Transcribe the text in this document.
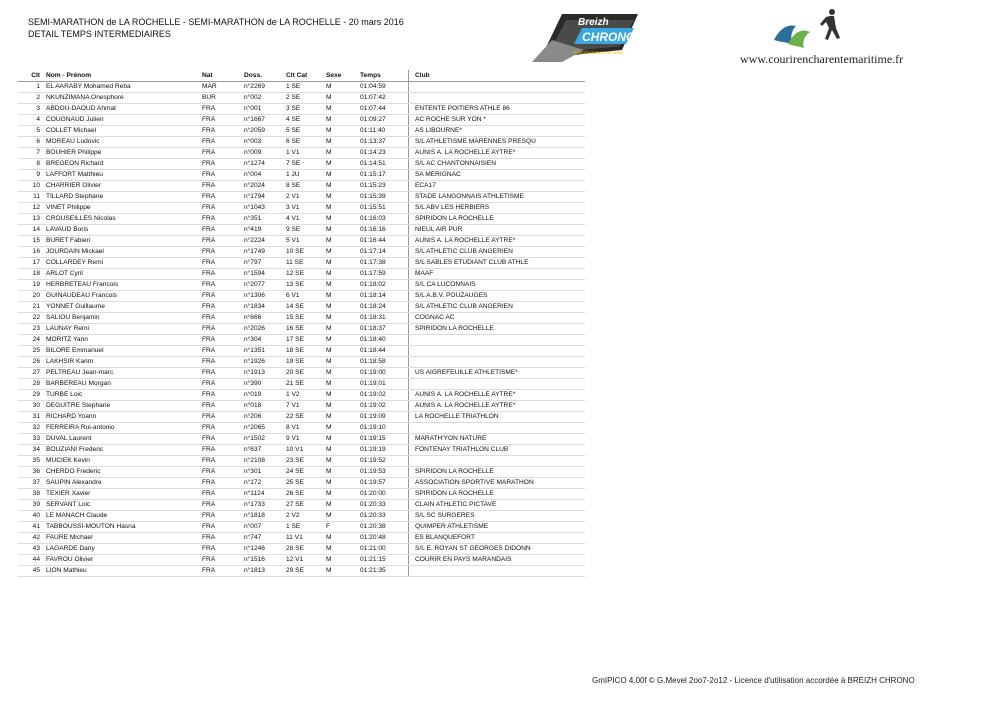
SEMI-MARATHON de LA ROCHELLE - SEMI-MARATHON de LA ROCHELLE - 20 mars 2016
DETAIL TEMPS INTERMEDIAIRES
Breizh
CHRONO
la performance mesurée	www.courirencharentemaritime.fr
Clt	Nom - Prénom	Nat	Doss.	Clt Cat	Sexe	Temps	Club
1	EL AARABY Mohamed Reba	MAR	n°2269	1 SE	M	01:04:59	
2	NKUNZIMANA Onesphore	BUR	n°002	2 SE	M	01:07:42	
3	ABDOU-DAOUD Ahmat	FRA	n°001	3 SE	M	01:07:44	ENTENTE POITIERS ATHLE 86
4	COUGNAUD Julien	FRA	n°1667	4 SE	M	01:09:27	AC ROCHE SUR YON *
5	COLLET Michael	FRA	n°2059	5 SE	M	01:11:40	AS LIBOURNE*
6	MOREAU Ludovic	FRA	n°003	6 SE	M	01:13:37	S/L ATHLETISME MARENNES PRESQU
7	BOUHIER Philippe	FRA	n°009	1 V1	M	01:14:23	AUNIS A. LA ROCHELLE AYTRE*
8	BREGEON Richard	FRA	n°1274	7 SE	M	01:14:51	S/L AC CHANTONNAISIEN
9	LAFFORT Matthieu	FRA	n°004	1 JU	M	01:15:17	SA MERIGNAC
10	CHARRIER Olivier	FRA	n°2024	8 SE	M	01:15:23	ECA17
11	TILLARD Stephane	FRA	n°1794	2 V1	M	01:15:39	STADE LANGONNAIS ATHLETISME
12	VINET Philippe	FRA	n°1043	3 V1	M	01:15:51	S/L ABV LES HERBIERS
13	CROUSEILLES Nicolas	FRA	n°351	4 V1	M	01:16:03	SPIRIDON LA ROCHELLE
14	LAVAUD Boris	FRA	n°419	9 SE	M	01:16:16	NIEUL AIR PUR
15	BURET Fabien	FRA	n°2224	5 V1	M	01:16:44	AUNIS A. LA ROCHELLE AYTRE*
16	JOURDAIN Mickael	FRA	n°1749	10 SE	M	01:17:14	S/L ATHLETIC CLUB ANGERIEN
17	COLLARDEY Remi	FRA	n°797	11 SE	M	01:17:38	S/L SABLES ETUDIANT CLUB ATHLE
18	ARLOT Cyril	FRA	n°1594	12 SE	M	01:17:59	MAAF
19	HERBRETEAU Francois	FRA	n°2077	13 SE	M	01:18:02	S/L CA LUCONNAIS
20	GUINAUDEAU Francois	FRA	n°1306	6 V1	M	01:18:14	S/L A.B.V. POUZAUGES
21	YONNET Guillaume	FRA	n°1834	14 SE	M	01:18:24	S/L ATHLETIC CLUB ANGERIEN
22	SALIOU Benjamin	FRA	n°666	15 SE	M	01:18:31	COGNAC AC
23	LAUNAY Remi	FRA	n°2026	16 SE	M	01:18:37	SPIRIDON LA ROCHELLE
24	MORITZ Yann	FRA	n°304	17 SE	M	01:18:40	
25	BILORE Emmanuel	FRA	n°1351	18 SE	M	01:18:44	
26	LAKHSIR Karim	FRA	n°1926	19 SE	M	01:18:58	
27	PELTREAU Jean-marc	FRA	n°1913	20 SE	M	01:19:00	US AIGREFEUILLE ATHLETISME*
28	BARBEREAU Morgan	FRA	n°390	21 SE	M	01:19:01	
29	TURBE Loic	FRA	n°019	1 V2	M	01:19:02	AUNIS A. LA ROCHELLE AYTRE*
30	DEGUITRE Stephane	FRA	n°018	7 V1	M	01:19:02	AUNIS A. LA ROCHELLE AYTRE*
31	RICHARD Yoann	FRA	n°206	22 SE	M	01:19:09	LA ROCHELLE TRIATHLON
32	FERREIRA Rui-antonio	FRA	n°2065	8 V1	M	01:19:10	
33	DUVAL Laurent	FRA	n°1502	9 V1	M	01:19:15	MARATH'YON NATURE
34	BOUZIANI Frederic	FRA	n°637	10 V1	M	01:19:19	FONTENAY TRIATHLON CLUB
35	MUCIEK Kevin	FRA	n°2108	23 SE	M	01:19:52	
36	CHERDO Frederic	FRA	n°301	24 SE	M	01:19:53	SPIRIDON LA ROCHELLE
37	SAUPIN Alexandre	FRA	n°172	25 SE	M	01:19:57	ASSOCIATION SPORTIVE MARATHON
38	TEXIER Xavier	FRA	n°1124	26 SE	M	01:20:00	SPIRIDON LA ROCHELLE
39	SERVANT Loic	FRA	n°1733	27 SE	M	01:20:33	CLAIN ATHLETIC PICTAVE
40	LE MANACH Claude	FRA	n°1818	2 V2	M	01:20:33	S/L SC SURGERES
41	TABBOUSSI-MOUTON Hasna	FRA	n°007	1 SE	F	01:20:38	QUIMPER ATHLETISME
42	FAURE Michael	FRA	n°747	11 V1	M	01:20:48	ES BLANQUEFORT
43	LAGARDE Dany	FRA	n°1246	28 SE	M	01:21:00	S/L E. ROYAN ST GEORGES DIDONN
44	FAVROU Olivier	FRA	n°1516	12 V1	M	01:21:15	COURIR EN PAYS MARANDAIS
45	LION Mathieu	FRA	n°1813	29 SE	M	01:21:35	
GmIPICO 4.00f © G.Mevel 2oo7-2o12 - Licence d'utilisation accordée à BREIZH CHRONO
